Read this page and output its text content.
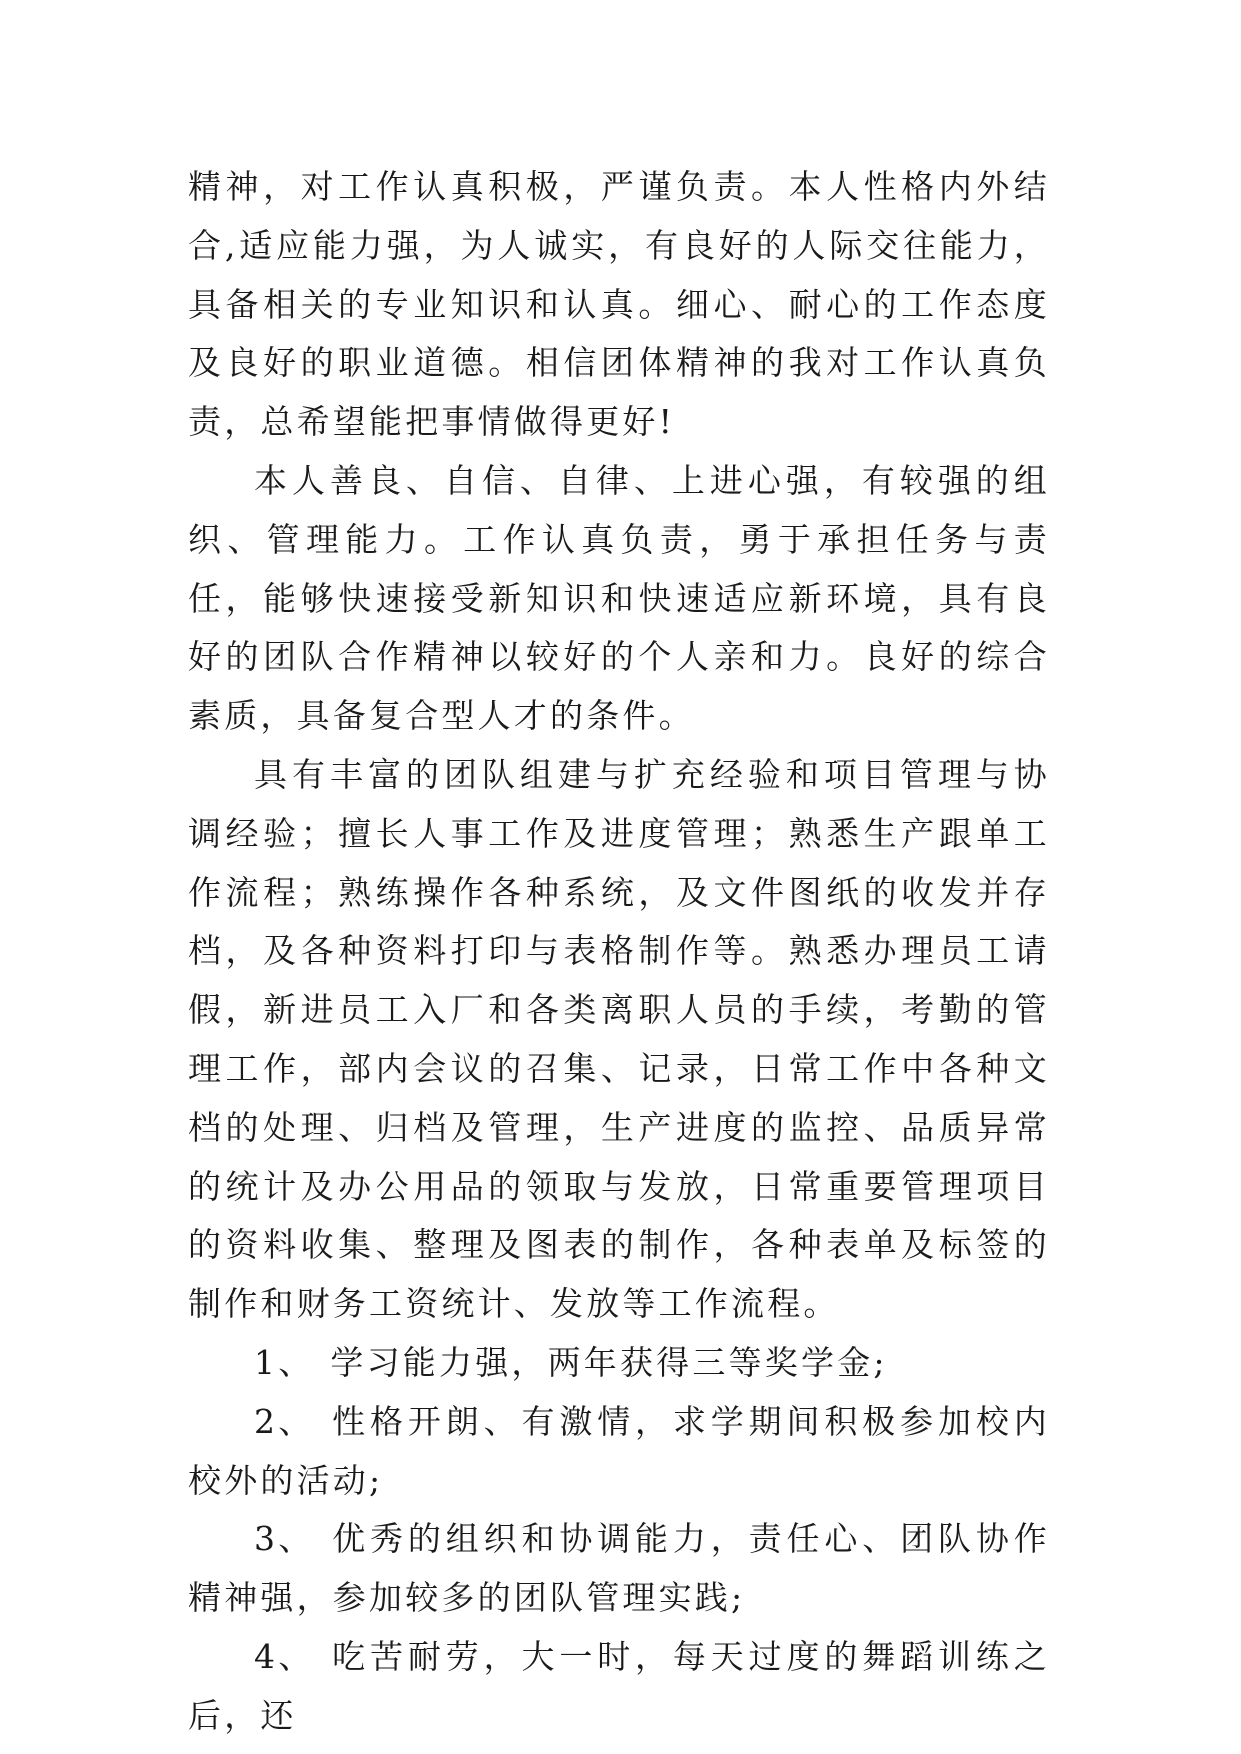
精神，对工作认真积极，严谨负责。本人性格内外结合,适应能力强，为人诚实，有良好的人际交往能力，具备相关的专业知识和认真。细心、耐心的工作态度及良好的职业道德。相信团体精神的我对工作认真负责，总希望能把事情做得更好!

本人善良、自信、自律、上进心强，有较强的组织、管理能力。工作认真负责，勇于承担任务与责任，能够快速接受新知识和快速适应新环境，具有良好的团队合作精神以较好的个人亲和力。良好的综合素质，具备复合型人才的条件。

具有丰富的团队组建与扩充经验和项目管理与协调经验；擅长人事工作及进度管理；熟悉生产跟单工作流程；熟练操作各种系统，及文件图纸的收发并存档，及各种资料打印与表格制作等。熟悉办理员工请假，新进员工入厂和各类离职人员的手续，考勤的管理工作，部内会议的召集、记录，日常工作中各种文档的处理、归档及管理，生产进度的监控、品质异常的统计及办公用品的领取与发放，日常重要管理项目的资料收集、整理及图表的制作，各种表单及标签的制作和财务工资统计、发放等工作流程。

1、 学习能力强，两年获得三等奖学金;

2、 性格开朗、有激情，求学期间积极参加校内校外的活动;

3、 优秀的组织和协调能力，责任心、团队协作精神强，参加较多的团队管理实践;

4、 吃苦耐劳，大一时，每天过度的舞蹈训练之后，还
